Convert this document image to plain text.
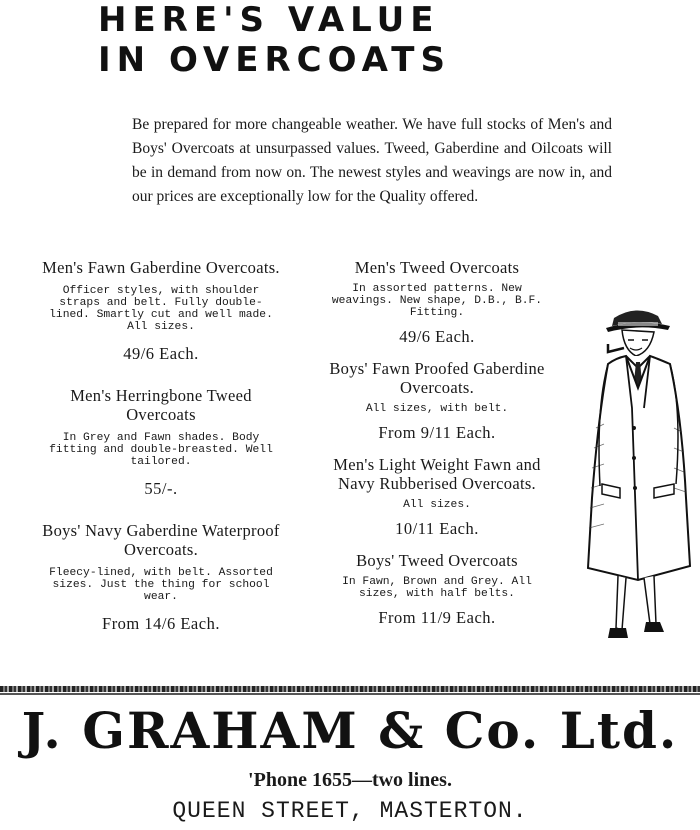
HERE'S VALUE
IN OVERCOATS
Be prepared for more changeable weather. We have full stocks of Men's and Boys' Overcoats at unsurpassed values. Tweed, Gaberdine and Oilcoats will be in demand from now on. The newest styles and weavings are now in, and our prices are exceptionally low for the Quality offered.
Men's Fawn Gaberdine Overcoats.
Officer styles, with shoulder straps and belt. Fully double-lined. Smartly cut and well made. All sizes.
49/6 Each.
Men's Herringbone Tweed Overcoats
In Grey and Fawn shades. Body fitting and double-breasted. Well tailored.
55/-.
Boys' Navy Gaberdine Waterproof Overcoats.
Fleecy-lined, with belt. Assorted sizes. Just the thing for school wear.
From 14/6 Each.
Men's Tweed Overcoats
In assorted patterns. New weavings. New shape, D.B., B.F. Fitting.
49/6 Each.
Boys' Fawn Proofed Gaberdine Overcoats.
All sizes, with belt.
From 9/11 Each.
Men's Light Weight Fawn and Navy Rubberised Overcoats.
All sizes.
10/11 Each.
Boys' Tweed Overcoats
In Fawn, Brown and Grey. All sizes, with half belts.
From 11/9 Each.
J. GRAHAM & Co. Ltd.
'Phone 1655—two lines.
QUEEN STREET, MASTERTON.
